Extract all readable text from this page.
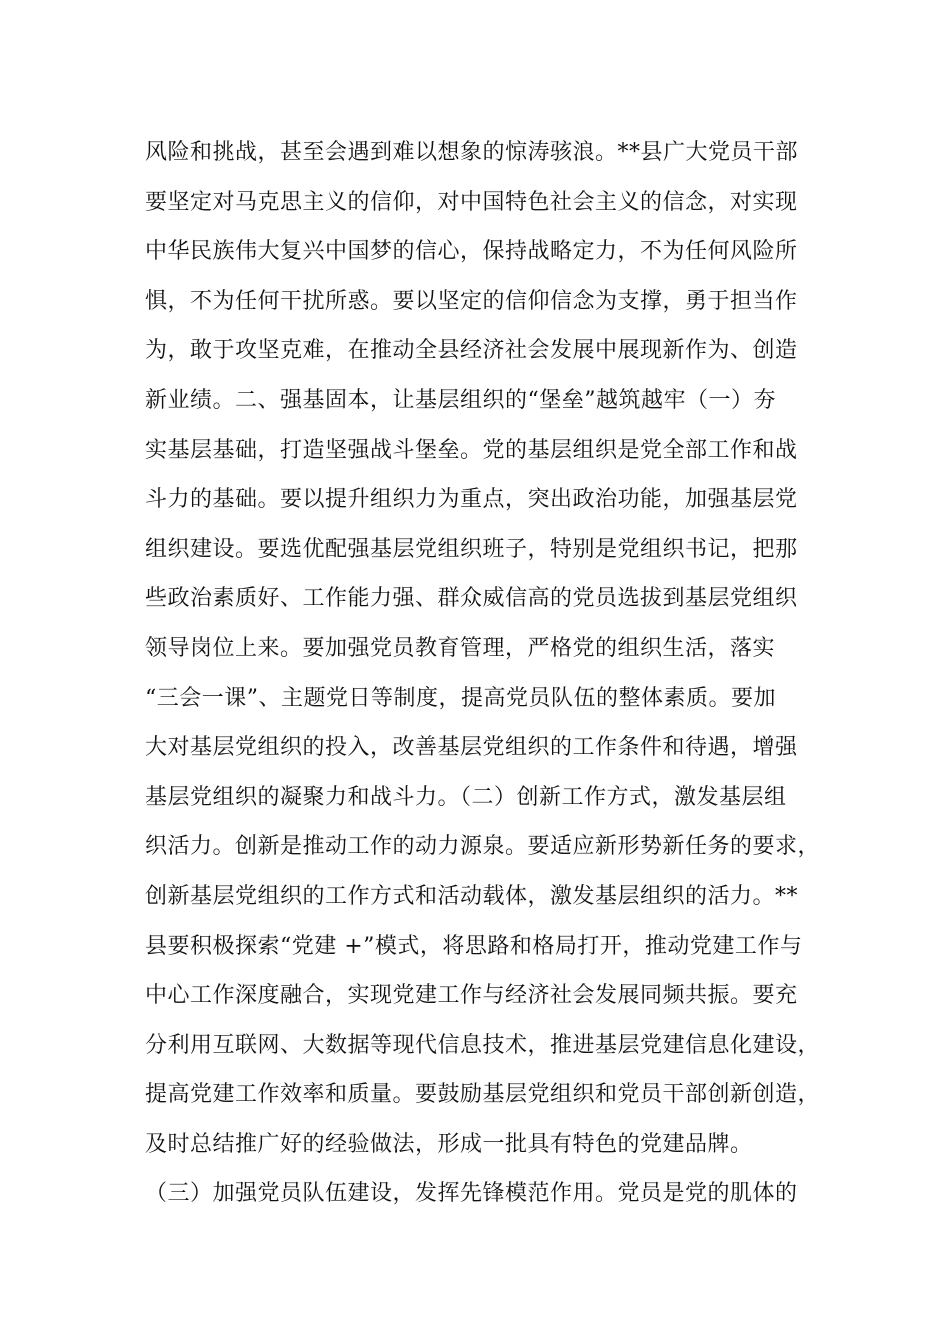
风险和挑战，甚至会遇到难以想象的惊涛骇浪。**县广大党员干部
要坚定对马克思主义的信仰，对中国特色社会主义的信念，对实现
中华民族伟大复兴中国梦的信心，保持战略定力，不为任何风险所
惧，不为任何干扰所惑。要以坚定的信仰信念为支撑，勇于担当作
为，敢于攻坚克难，在推动全县经济社会发展中展现新作为、创造
新业绩。二、强基固本，让基层组织的“堡垒”越筑越牢（一）夯
实基层基础，打造坚强战斗堡垒。党的基层组织是党全部工作和战
斗力的基础。要以提升组织力为重点，突出政治功能，加强基层党
组织建设。要选优配强基层党组织班子，特别是党组织书记，把那
些政治素质好、工作能力强、群众威信高的党员选拔到基层党组织
领导岗位上来。要加强党员教育管理，严格党的组织生活，落实
“三会一课”、主题党日等制度，提高党员队伍的整体素质。要加
大对基层党组织的投入，改善基层党组织的工作条件和待遇，增强
基层党组织的凝聚力和战斗力。（二）创新工作方式，激发基层组
织活力。创新是推动工作的动力源泉。要适应新形势新任务的要求，
创新基层党组织的工作方式和活动载体，激发基层组织的活力。**
县要积极探索“党建 +”模式，将思路和格局打开，推动党建工作与
中心工作深度融合，实现党建工作与经济社会发展同频共振。要充
分利用互联网、大数据等现代信息技术，推进基层党建信息化建设，
提高党建工作效率和质量。要鼓励基层党组织和党员干部创新创造，
及时总结推广好的经验做法，形成一批具有特色的党建品牌。
（三）加强党员队伍建设，发挥先锋模范作用。党员是党的肌体的
